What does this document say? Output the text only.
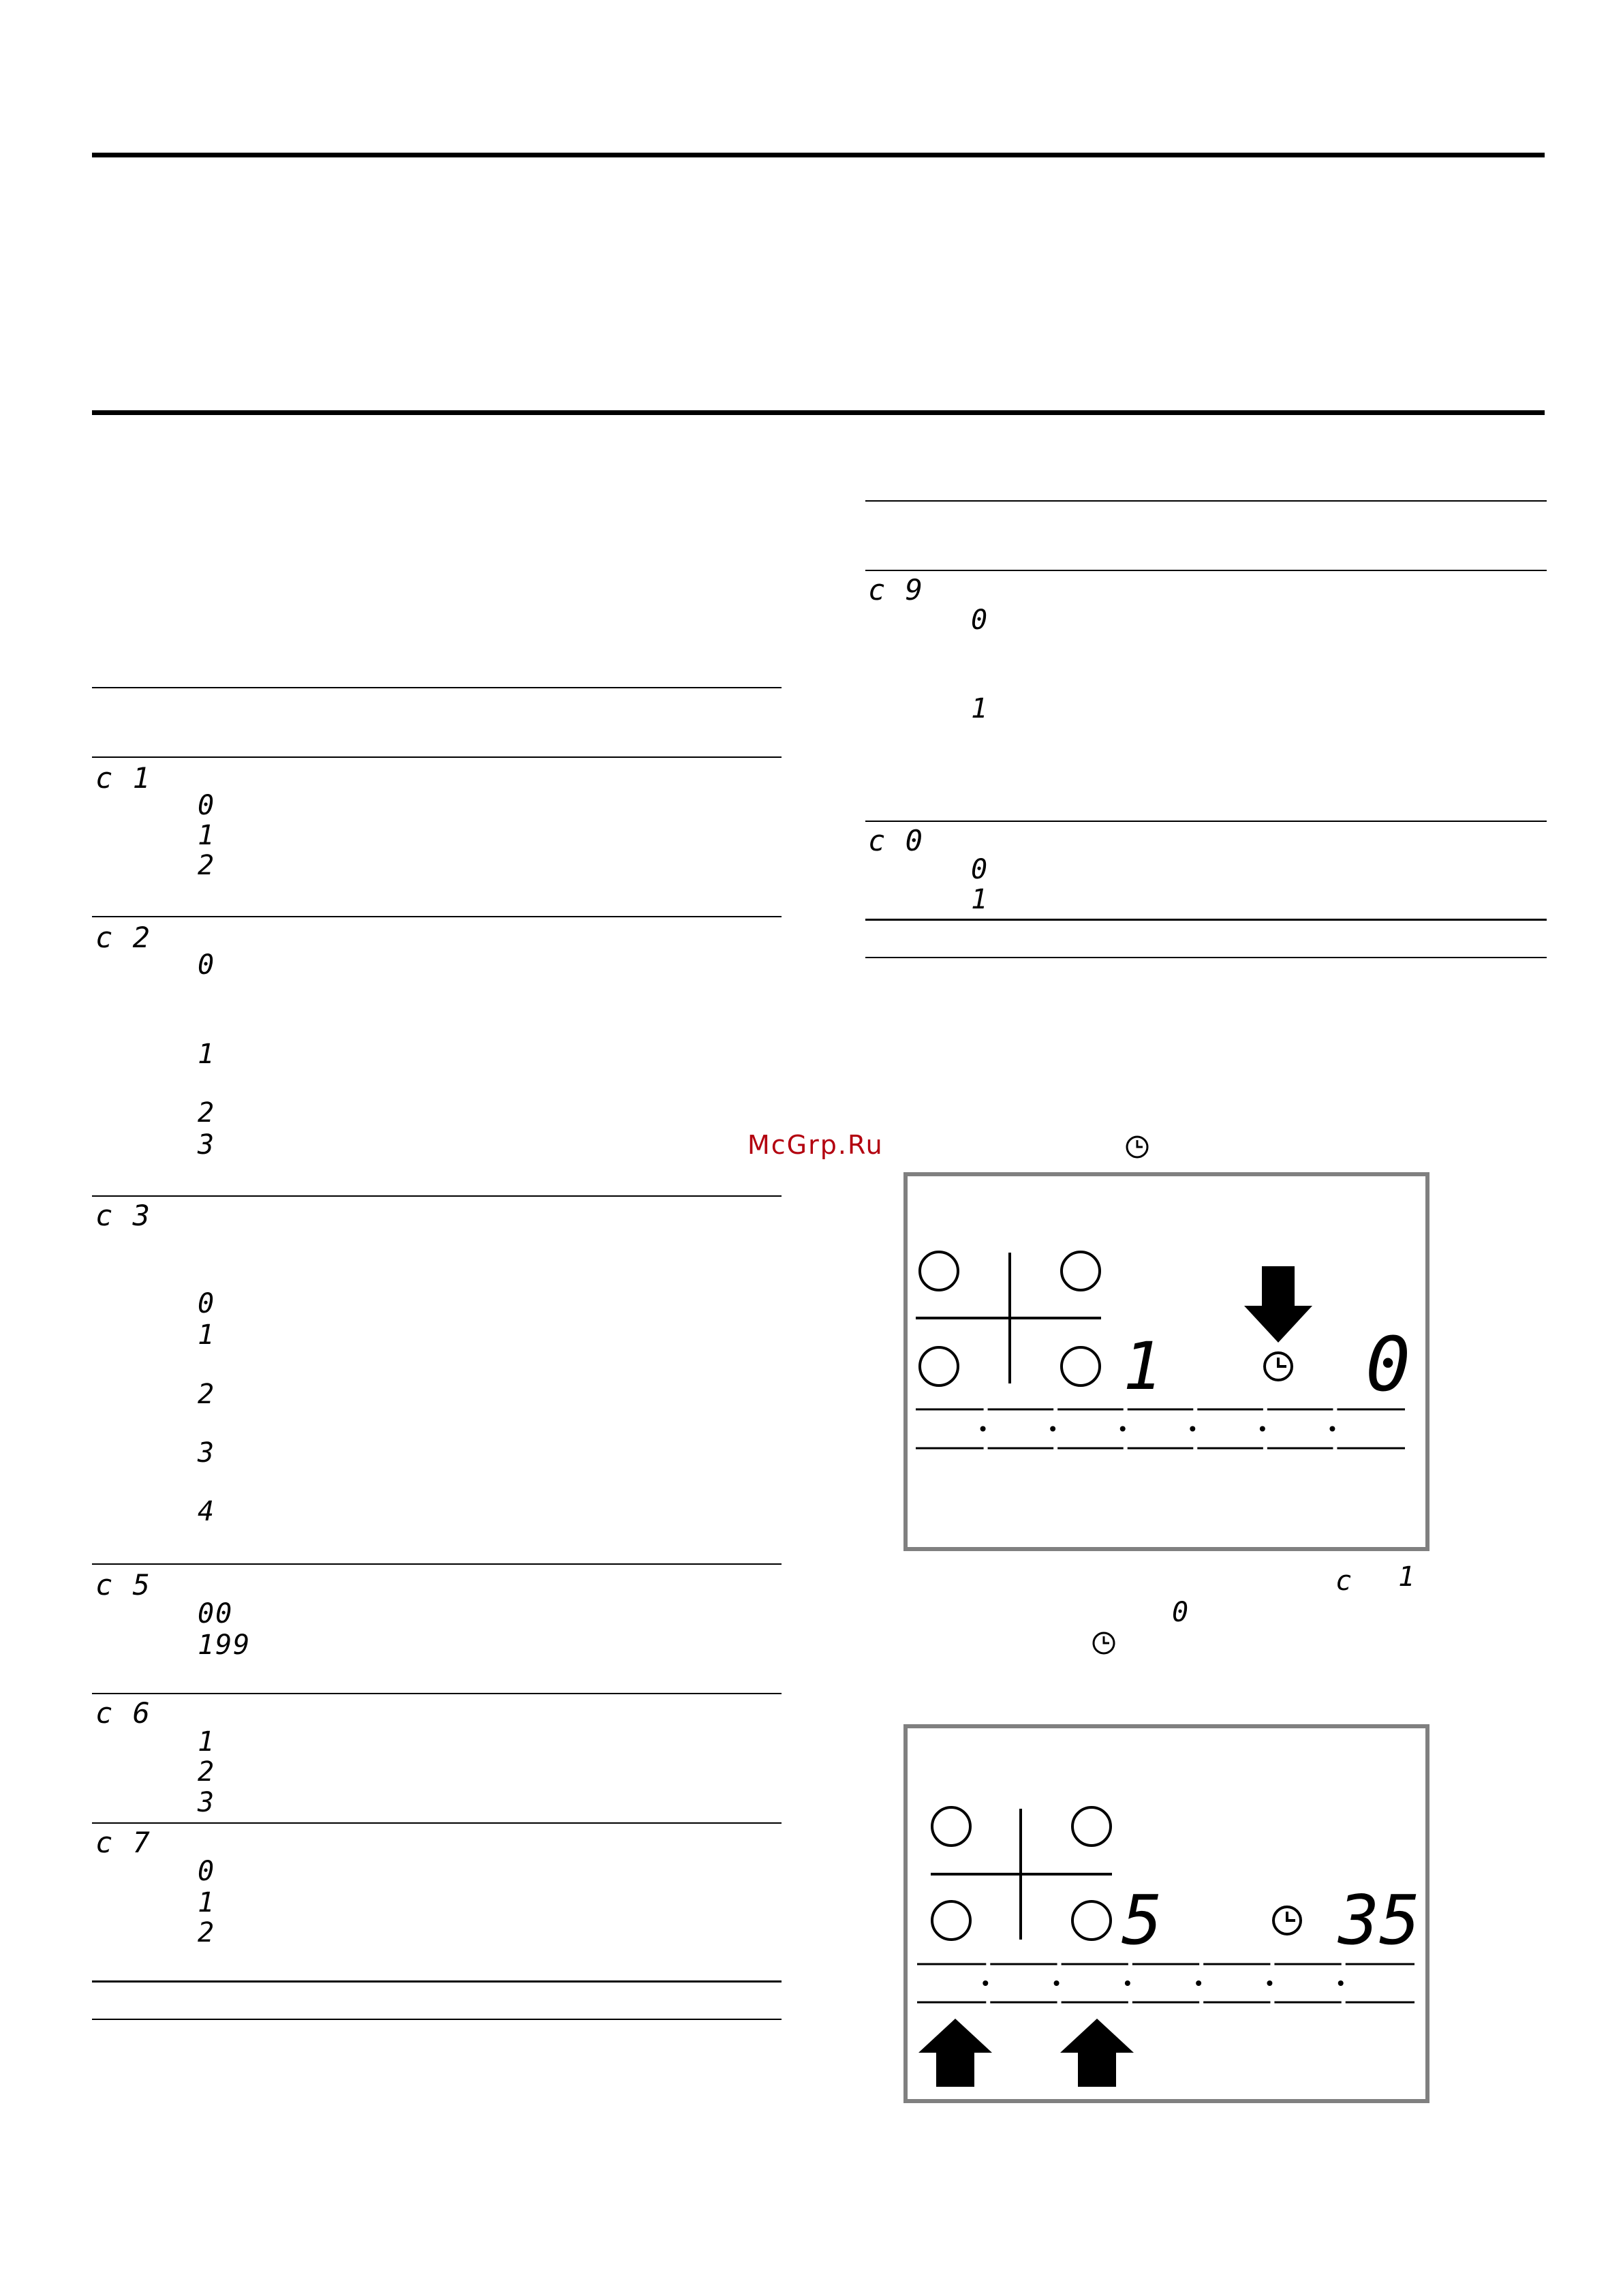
c 1
0
1
2
c 2
0
1
2
3
c 3
0
1
2
3
4
c 5
00
199
c 6
1
2
3
c 7
0
1
2
c 9
0
1
c 0
0
1
McGrp.Ru
c 1
0
1	0
5	35
